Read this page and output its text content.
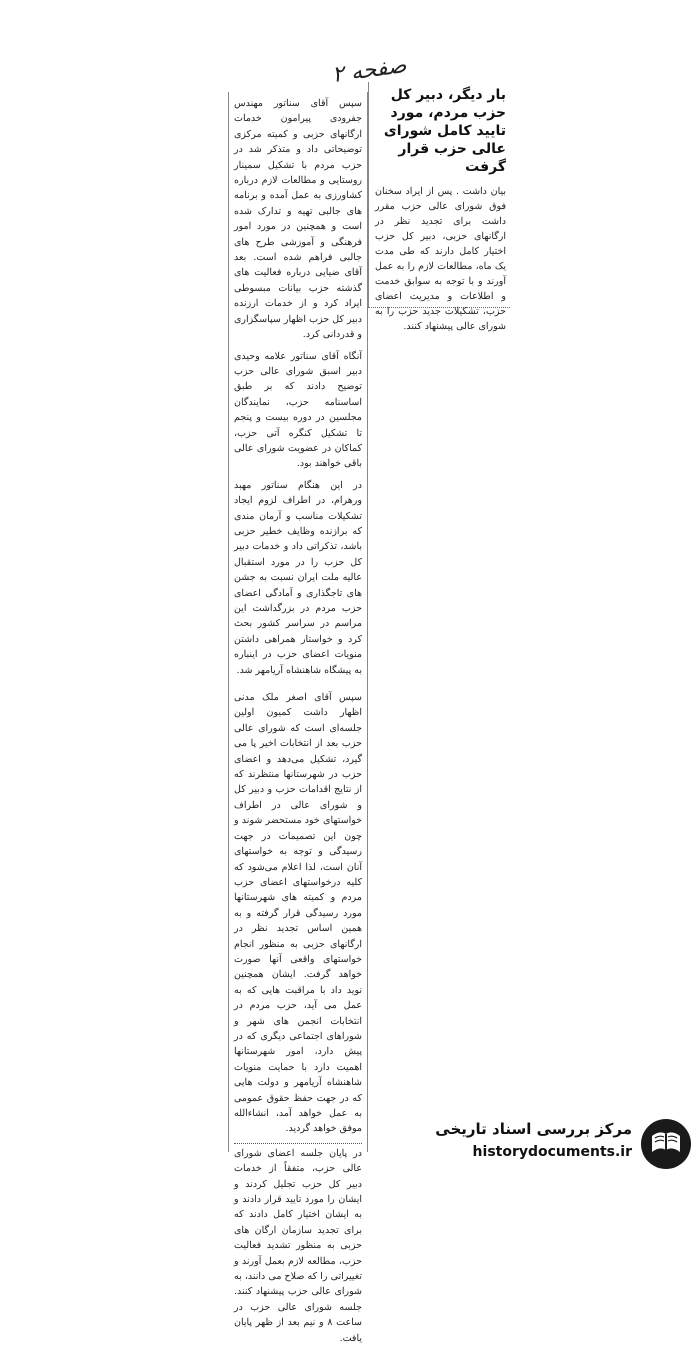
صفحه ۲
بار دیگر، دبیر کل حزب مردم، مورد تایید کامل شورای عالی حزب قرار گرفت

بیان داشت . پس از ایراد سخنان فوق شورای عالی حزب مقرر داشت برای تجدید نظر در ارگانهای حزبی، دبیر کل حزب اختیار کامل دارند که طی مدت یک ماه، مطالعات لازم را به عمل آورند و با توجه به سوابق خدمت و اطلاعات و مدیریت اعضای حزب، تشکیلات جدید حزب را به شورای عالی پیشنهاد کنند.

سپس آقای سناتور مهندس جفرودی پیرامون خدمات ارگانهای حزبی و کمیته مرکزی توضیحاتی داد و متذکر شد در حزب مردم با تشکیل سمینار روستایی و مطالعات لازم درباره کشاورزی به عمل آمده و برنامه های جالبی تهیه و تدارک شده است و همچنین در مورد امور فرهنگی و آموزشی طرح های جالبی فراهم شده است. بعد آقای ضیایی درباره فعالیت های گذشته حزب بیانات مبسوطی ایراد کرد و از خدمات ارزنده دبیر کل حزب اظهار سپاسگزاری و قدردانی کرد.

آنگاه آقای سناتور علامه وحیدی دبیر اسبق شورای عالی حزب توضیح دادند که بر طبق اساسنامه حزب، نمایندگان مجلسین در دوره بیست و پنجم تا تشکیل کنگره آتی حزب، کماکان در عضویت شورای عالی باقی خواهند بود.

در این هنگام سناتور مهبد ورهرام، در اطراف لزوم ایجاد تشکیلات مناسب و آرمان مندی که برازنده وظایف خطیر حزبی باشد، تذکراتی داد و خدمات دبیر کل حزب را در مورد استقبال عالیه ملت ایران نسبت به جشن های تاجگذاری و آمادگی اعضای حزب مردم در بزرگداشت این مراسم در سراسر کشور بحث کرد و خواستار همراهی داشتن منویات اعضای حزب در اینباره به پیشگاه شاهنشاه آریامهر شد.

سپس آقای اصغر ملک مدنی اظهار داشت کمیون اولین جلسه‌ای است که شورای عالی حزب بعد از انتخابات اخیر پا می گیرد، تشکیل می‌دهد و اعضای حزب در شهرستانها منتظرند که از نتایج اقدامات حزب و دبیر کل و شورای عالی در اطراف خواستهای خود مستحضر شوند و چون این تصمیمات در جهت رسیدگی و توجه به خواستهای آنان است، لذا اعلام می‌شود که کلیه درخواستهای اعضای حزب مردم و کمیته های شهرستانها مورد رسیدگی قرار گرفته و به همین اساس تجدید نظر در ارگانهای حزبی به منظور انجام خواستهای واقعی آنها صورت خواهد گرفت. ایشان همچنین نوید داد با مراقبت هایی که به عمل می آید، حزب مردم در انتخابات انجمن های شهر و شوراهای اجتماعی دیگری که در پیش دارد، امور شهرستانها اهمیت دارد با حمایت منویات شاهنشاه آریامهر و دولت هایی که در جهت حفظ حقوق عمومی به عمل خواهد آمد، انشاءالله موفق خواهد گردید.

در پایان جلسه اعضای شورای عالی حزب، متفقاً از خدمات دبیر کل حزب تجلیل کردند و ایشان را مورد تایید قرار دادند و به ایشان اختیار کامل دادند که برای تجدید سازمان ارگان های حزبی به منظور تشدید فعالیت حزب، مطالعه لازم بعمل آورند و تغییراتی را که صلاح می دانند، به شورای عالی حزب پیشنهاد کنند. جلسه شورای عالی حزب در ساعت ۸ و نیم بعد از ظهر پایان یافت.

مرکز بررسی اسناد تاریخی
historydocuments.ir
